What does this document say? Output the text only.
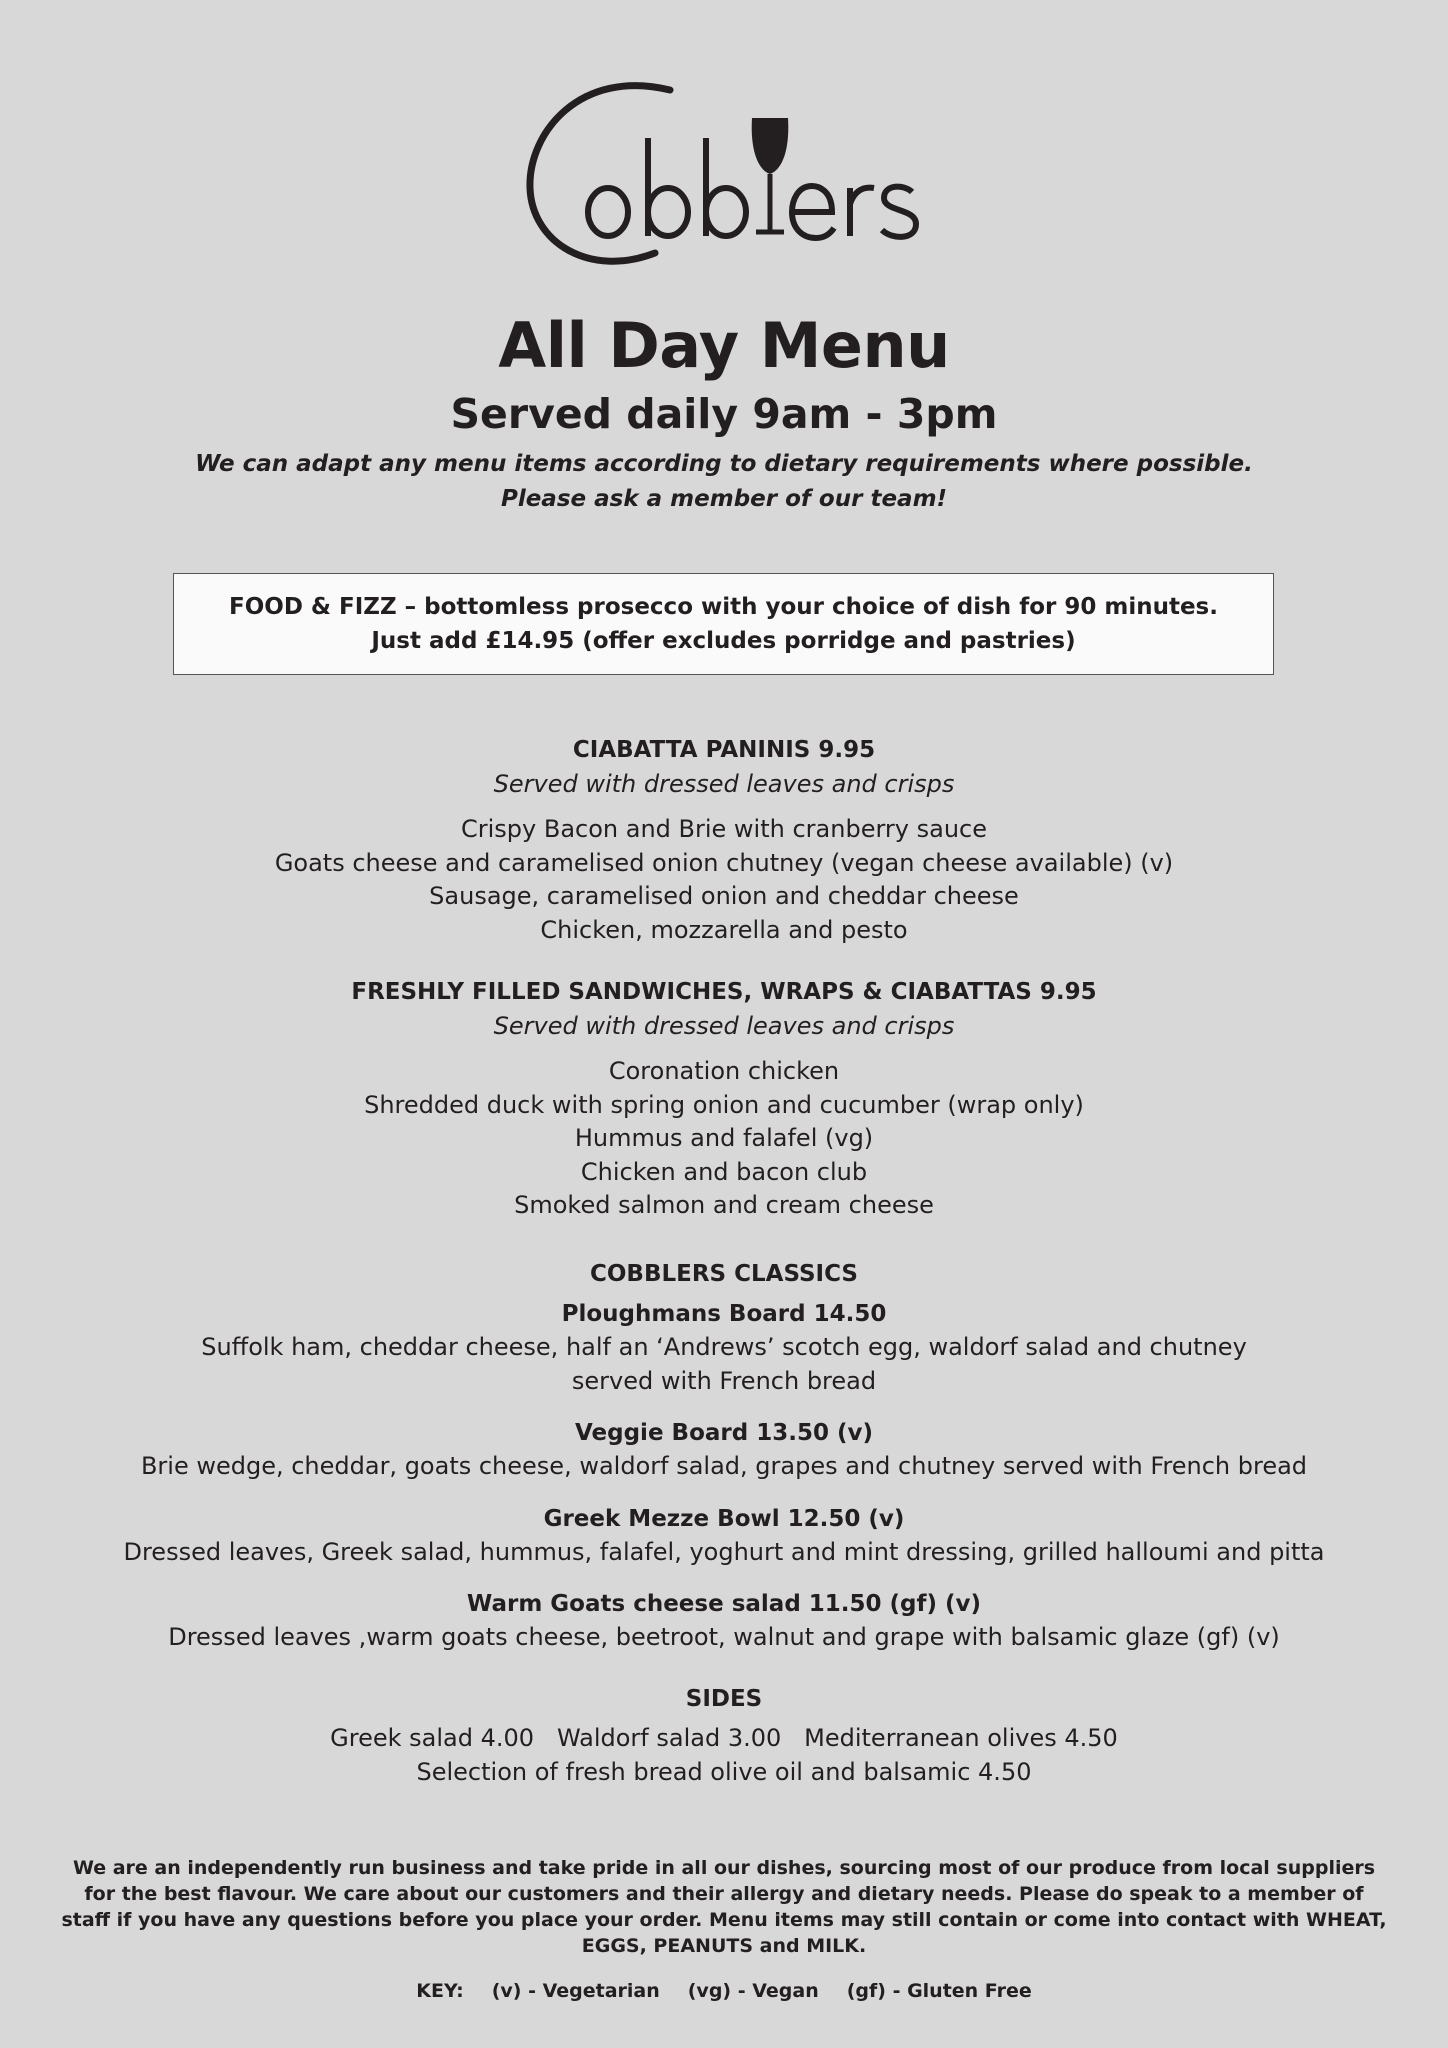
All Day Menu
Served daily 9am - 3pm
We can adapt any menu items according to dietary requirements where possible.
Please ask a member of our team!
FOOD & FIZZ – bottomless prosecco with your choice of dish for 90 minutes.
Just add £14.95 (offer excludes porridge and pastries)
CIABATTA PANINIS 9.95
Served with dressed leaves and crisps
Crispy Bacon and Brie with cranberry sauce
Goats cheese and caramelised onion chutney (vegan cheese available) (v)
Sausage, caramelised onion and cheddar cheese
Chicken, mozzarella and pesto
FRESHLY FILLED SANDWICHES, WRAPS & CIABATTAS 9.95
Served with dressed leaves and crisps
Coronation chicken
Shredded duck with spring onion and cucumber (wrap only)
Hummus and falafel (vg)
Chicken and bacon club
Smoked salmon and cream cheese
COBBLERS CLASSICS
Ploughmans Board 14.50
Suffolk ham, cheddar cheese, half an ‘Andrews’ scotch egg, waldorf salad and chutney
served with French bread
Veggie Board 13.50 (v)
Brie wedge, cheddar, goats cheese, waldorf salad, grapes and chutney served with French bread
Greek Mezze Bowl 12.50 (v)
Dressed leaves, Greek salad, hummus, falafel, yoghurt and mint dressing, grilled halloumi and pitta
Warm Goats cheese salad 11.50 (gf) (v)
Dressed leaves ,warm goats cheese, beetroot, walnut and grape with balsamic glaze (gf) (v)
SIDES
Greek salad 4.00   Waldorf salad 3.00   Mediterranean olives 4.50
Selection of fresh bread olive oil and balsamic 4.50
We are an independently run business and take pride in all our dishes, sourcing most of our produce from local suppliers for the best flavour. We care about our customers and their allergy and dietary needs. Please do speak to a member of staff if you have any questions before you place your order. Menu items may still contain or come into contact with WHEAT, EGGS, PEANUTS and MILK.
KEY: (v) - Vegetarian (vg) - Vegan (gf) - Gluten Free
